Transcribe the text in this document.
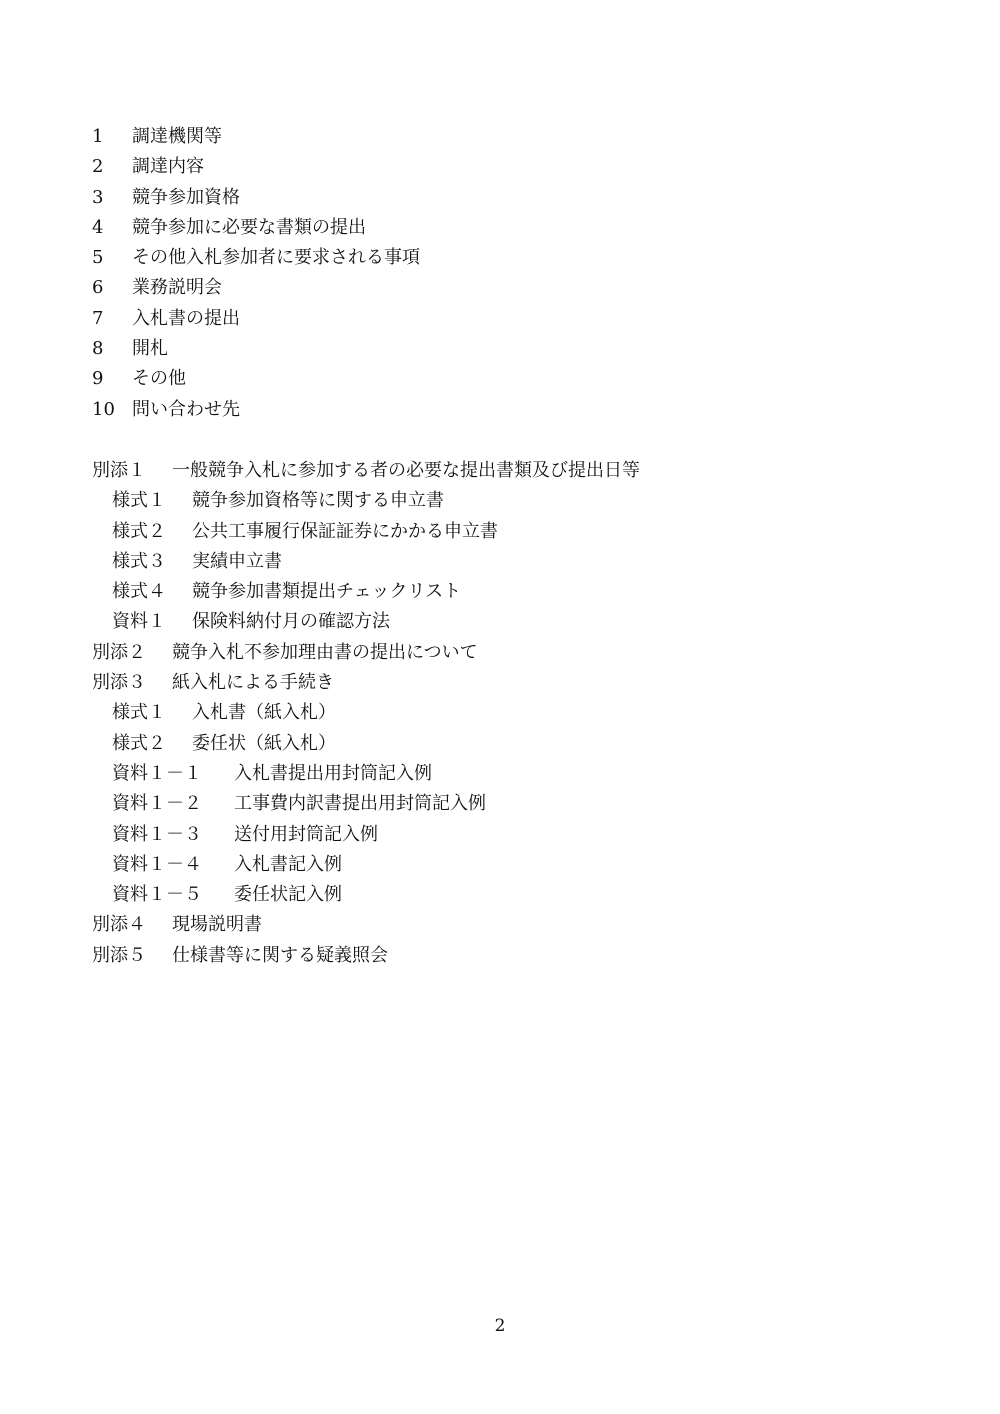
1	調達機関等
2	調達内容
3	競争参加資格
4	競争参加に必要な書類の提出
5	その他入札参加者に要求される事項
6	業務説明会
7	入札書の提出
8	開札
9	その他
10 問い合わせ先
別添１	一般競争入札に参加する者の必要な提出書類及び提出日等
様式１	競争参加資格等に関する申立書
様式２	公共工事履行保証証券にかかる申立書
様式３	実績申立書
様式４	競争参加書類提出チェックリスト
資料１	保険料納付月の確認方法
別添２	競争入札不参加理由書の提出について
別添３	紙入札による手続き
様式１	入札書（紙入札）
様式２	委任状（紙入札）
資料１－１	入札書提出用封筒記入例
資料１－２	工事費内訳書提出用封筒記入例
資料１－３	送付用封筒記入例
資料１－４	入札書記入例
資料１－５	委任状記入例
別添４	現場説明書
別添５	仕様書等に関する疑義照会
2
